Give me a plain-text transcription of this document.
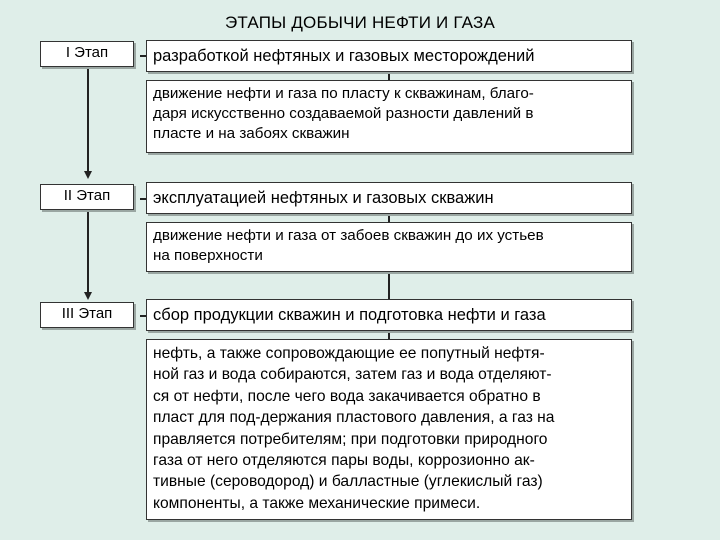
ЭТАПЫ ДОБЫЧИ НЕФТИ И ГАЗА
I Этап	разработкой нефтяных и газовых месторождений
движение нефти и газа по пласту к скважинам, благо-
даря искусственно создаваемой разности давлений в
пласте и на забоях скважин
II Этап	эксплуатацией нефтяных и газовых скважин
движение нефти и газа от забоев скважин до их устьев
на поверхности
III Этап	сбор продукции скважин и подготовка нефти и газа
нефть, а также сопровождающие ее попутный нефтя-
ной газ и вода собираются, затем газ и вода отделяют-
ся от нефти, после чего вода закачивается обратно в
пласт для под-держания пластового давления, а газ на
правляется потребителям; при подготовки природного
газа от него отделяются пары воды, коррозионно ак-
тивные (сероводород) и балластные (углекислый газ)
компоненты, а также механические примеси.
